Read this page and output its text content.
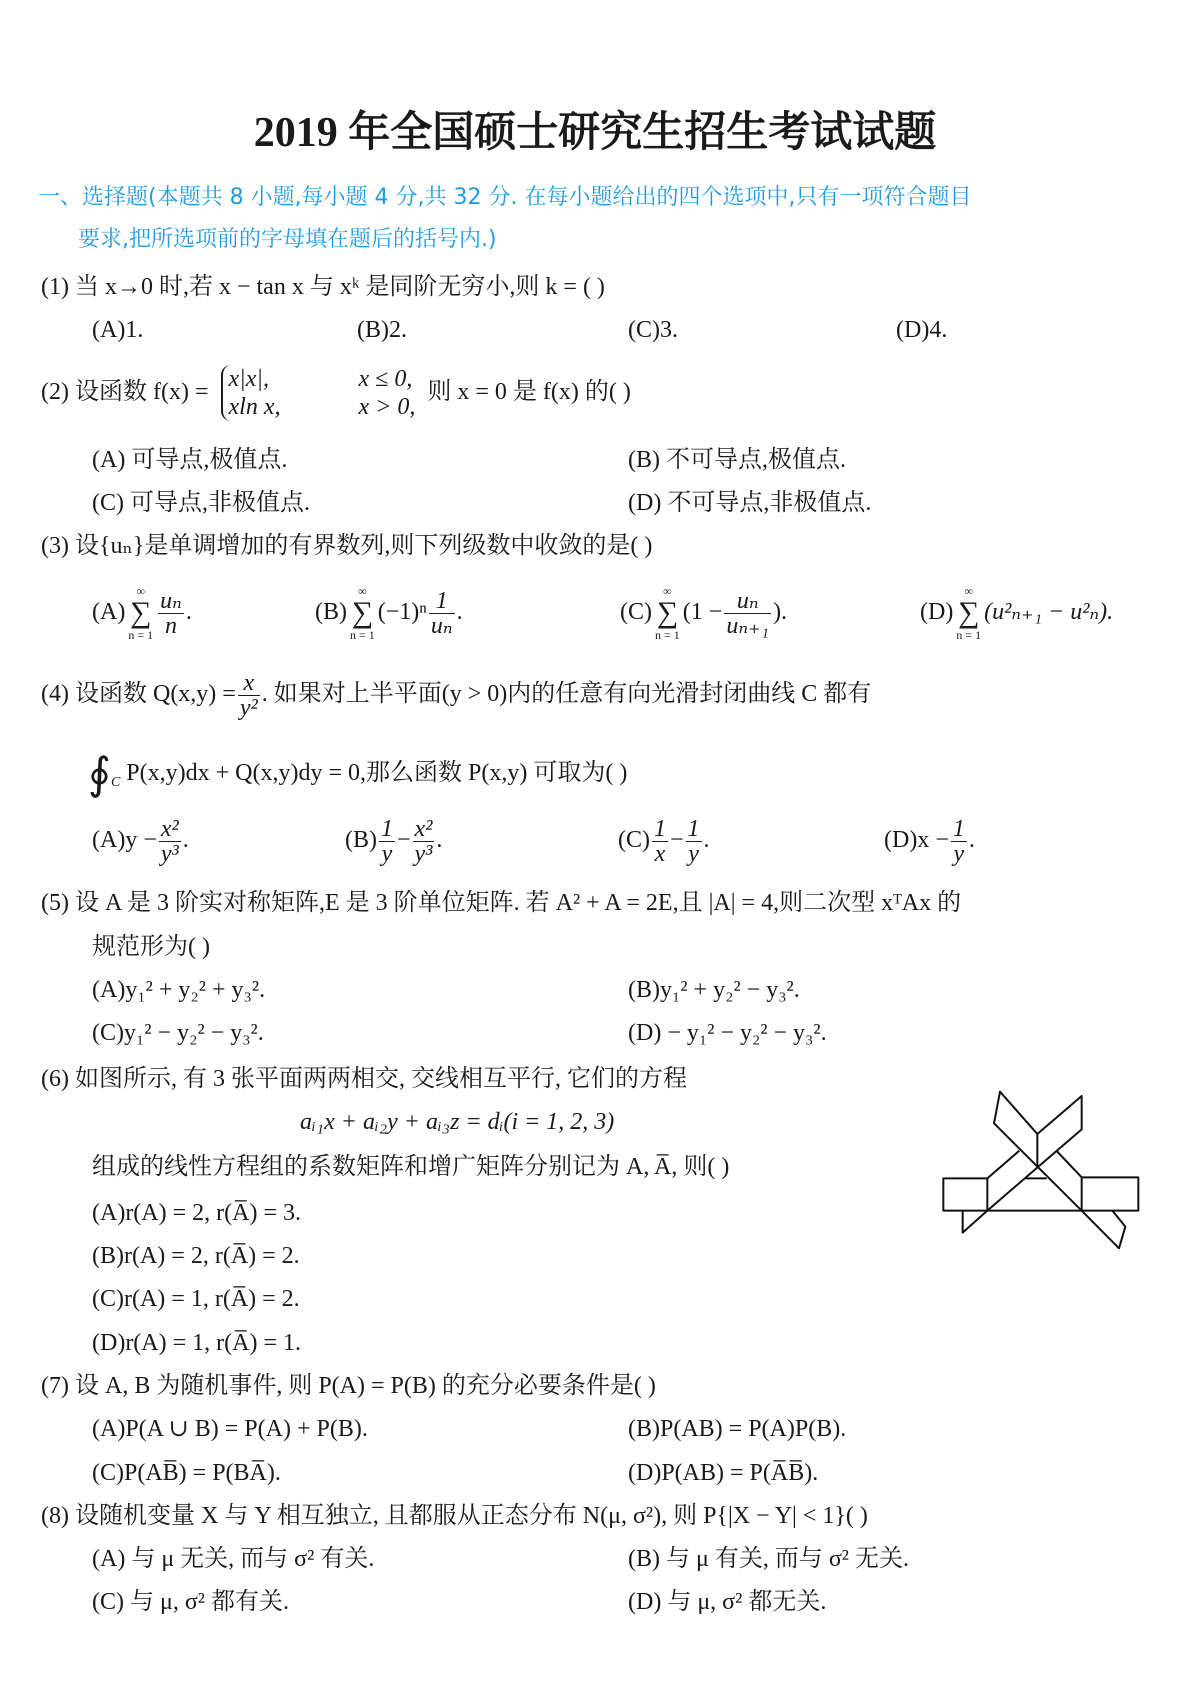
2019 年全国硕士研究生招生考试试题
一、选择题(本题共 8 小题,每小题 4 分,共 32 分. 在每小题给出的四个选项中,只有一项符合题目
要求,把所选项前的字母填在题后的括号内.)
(1) 当 x→0 时,若 x − tan x 与 xᵏ 是同阶无穷小,则 k = ( )
(A)1.	(B)2.	(C)3.	(D)4.
(2) 设函数 f(x) = x|x|,	x ≤ 0,
xln x,	x > 0,
则 x = 0 是 f(x) 的( )
(A) 可导点,极值点.	(B) 不可导点,极值点.
(C) 可导点,非极值点.	(D) 不可导点,非极值点.
(3) 设{uₙ}是单调增加的有界数列,则下列级数中收敛的是( )
(A)
∞
∑
$n = 1 \frac{\text{uₙ}}{n}$ .	(B)
∞
∑
n = 1
$(-1)^n \frac{1}{\text{uₙ}}$ .	(C)
∞
∑
n = 1
($1 - \frac{\text{uₙ}}{\text{uₙ₊₁}}$ ).	(D)
∞
∑
n = 1
(u²ₙ₊₁ − u²ₙ).
(4) 设函数 $Q(x,y) = \frac{x}{\text{y²}}$ . 如果对上半平面(y > 0)内的任意有向光滑封闭曲线 C 都有
$∮_C$ P(x,y)dx + Q(x,y)dy = 0,那么函数 P(x,y) 可取为( )
$(A)y - \frac{\text{x²}}{\text{y³}}$ .	$(B) \frac{1}{y} - \frac{\text{x²}}{\text{y³}}$ .	$(C) \frac{1}{x} - \frac{1}{y}$ .	$(D)x - \frac{1}{y}$ .
(5) 设 A 是 3 阶实对称矩阵,E 是 3 阶单位矩阵. 若 A² + A = 2E,且 |A| = 4,则二次型 xᵀAx 的
规范形为( )
(A)y₁² + y₂² + y₃².	(B)y₁² + y₂² − y₃².
(C)y₁² − y₂² − y₃².	(D) − y₁² − y₂² − y₃².
(6) 如图所示, 有 3 张平面两两相交, 交线相互平行, 它们的方程
aᵢ₁x + aᵢ₂y + aᵢ₃z = dᵢ(i = 1, 2, 3)
组成的线性方程组的系数矩阵和增广矩阵分别记为 A, A̅, 则( )
(A)r(A) = 2, r(A̅) = 3.
(B)r(A) = 2, r(A̅) = 2.
(C)r(A) = 1, r(A̅) = 2.
(D)r(A) = 1, r(A̅) = 1.
(7) 设 A, B 为随机事件, 则 P(A) = P(B) 的充分必要条件是( )
(A)P(A ∪ B) = P(A) + P(B).	(B)P(AB) = P(A)P(B).
(C)P(AB̅) = P(BA̅).	(D)P(AB) = P(A̅B̅).
(8) 设随机变量 X 与 Y 相互独立, 且都服从正态分布 N(μ, σ²), 则 P{|X − Y| < 1}( )
(A) 与 μ 无关, 而与 σ² 有关.	(B) 与 μ 有关, 而与 σ² 无关.
(C) 与 μ, σ² 都有关.	(D) 与 μ, σ² 都无关.
